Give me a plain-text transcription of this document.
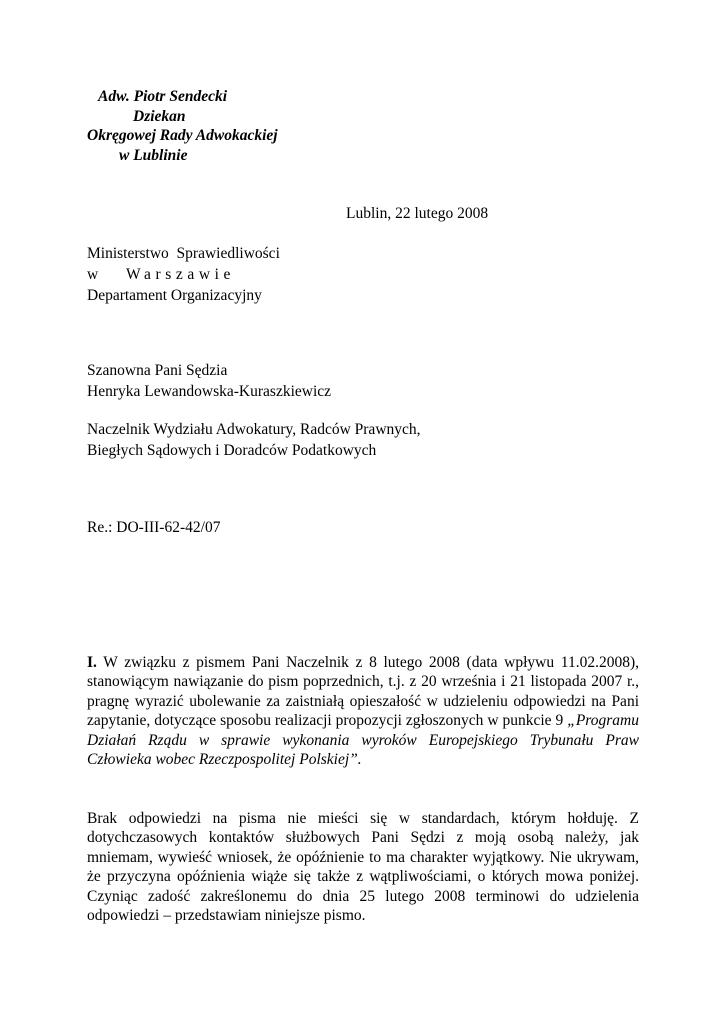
Adw. Piotr Sendecki
Dziekan
Okręgowej Rady Adwokackiej
w Lublinie
Lublin, 22 lutego 2008
Ministerstwo  Sprawiedliwości
w Warszawie
Departament Organizacyjny
Szanowna Pani Sędzia
Henryka Lewandowska-Kuraszkiewicz
Naczelnik Wydziału Adwokatury, Radców Prawnych,
Biegłych Sądowych i Doradców Podatkowych
Re.: DO-III-62-42/07

I. W związku z pismem Pani Naczelnik z 8 lutego 2008 (data wpływu 11.02.2008), stanowiącym nawiązanie do pism poprzednich, t.j. z 20 września i 21 listopada 2007 r., pragnę wyrazić ubolewanie za zaistniałą opieszałość w udzieleniu odpowiedzi na Pani zapytanie, dotyczące sposobu realizacji propozycji zgłoszonych w punkcie 9 „Programu Działań Rządu w sprawie wykonania wyroków Europejskiego Trybunału Praw Człowieka wobec Rzeczpospolitej Polskiej”.

Brak odpowiedzi na pisma nie mieści się w standardach, którym hołduję. Z dotychczasowych kontaktów służbowych Pani Sędzi z moją osobą należy, jak mniemam, wywieść wniosek, że opóźnienie to ma charakter wyjątkowy. Nie ukrywam, że przyczyna opóźnienia wiąże się także z wątpliwościami, o których mowa poniżej. Czyniąc zadość zakreślonemu do dnia 25 lutego 2008 terminowi do udzielenia odpowiedzi – przedstawiam niniejsze pismo.
